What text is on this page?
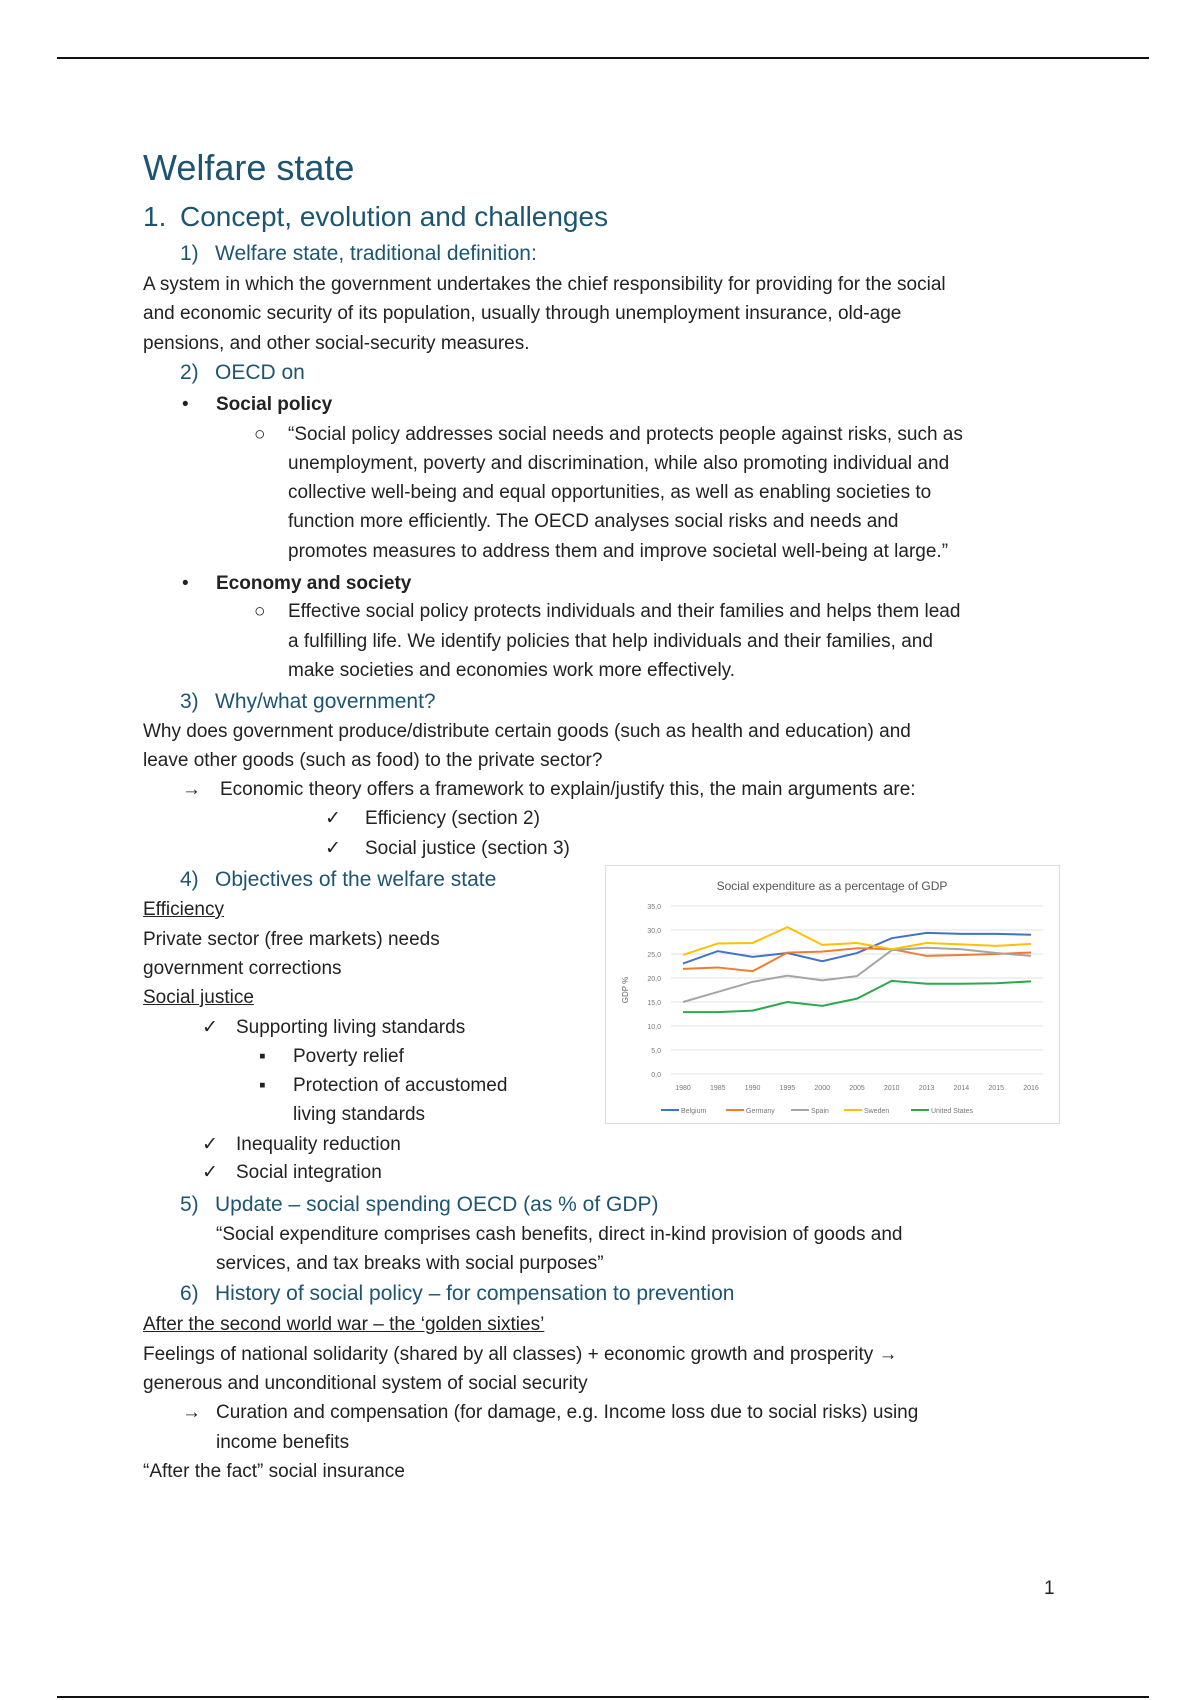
Welfare state
1. Concept, evolution and challenges
1) Welfare state, traditional definition:
A system in which the government undertakes the chief responsibility for providing for the social
and economic security of its population, usually through unemployment insurance, old-age
pensions, and other social-security measures.
2) OECD on
• Social policy
○ “Social policy addresses social needs and protects people against risks, such as
unemployment, poverty and discrimination, while also promoting individual and
collective well-being and equal opportunities, as well as enabling societies to
function more efficiently. The OECD analyses social risks and needs and
promotes measures to address them and improve societal well-being at large.”
• Economy and society
○ Effective social policy protects individuals and their families and helps them lead
a fulfilling life. We identify policies that help individuals and their families, and
make societies and economies work more effectively.
3) Why/what government?
Why does government produce/distribute certain goods (such as health and education) and
leave other goods (such as food) to the private sector?
→ Economic theory offers a framework to explain/justify this, the main arguments are:
✓ Efficiency (section 2)
✓ Social justice (section 3)
4) Objectives of the welfare state
Efficiency
Private sector (free markets) needs
government corrections
Social justice
✓ Supporting living standards
▪ Poverty relief
▪ Protection of accustomed
living standards
✓ Inequality reduction
✓ Social integration
Social expenditure as a percentage of GDP
GDP %
0,0
5,0
10,0
15,0
20,0
25,0
30,0
35,0
1980	1985	1990	1995	2000	2005	2010	2013	2014	2015	2016
Belgium	Germany	Spain	Sweden	United States
5) Update – social spending OECD (as % of GDP)
“Social expenditure comprises cash benefits, direct in-kind provision of goods and
services, and tax breaks with social purposes”
6) History of social policy – for compensation to prevention
After the second world war – the ‘golden sixties’
Feelings of national solidarity (shared by all classes) + economic growth and prosperity →
generous and unconditional system of social security
→ Curation and compensation (for damage, e.g. Income loss due to social risks) using
income benefits
“After the fact” social insurance
1
